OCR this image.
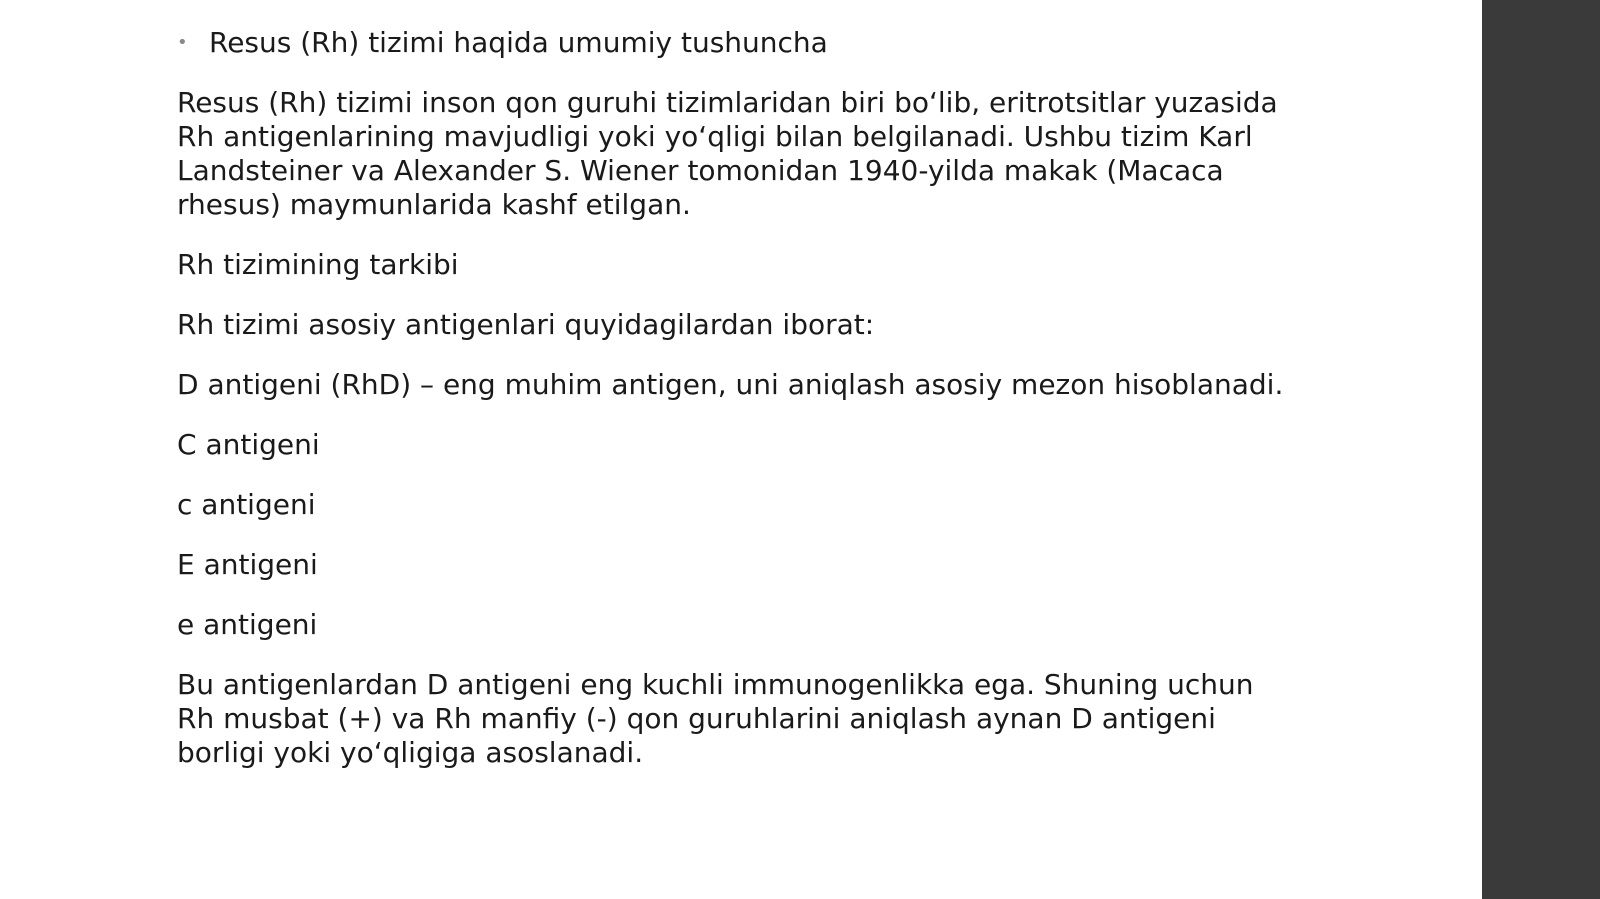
• Resus (Rh) tizimi haqida umumiy tushuncha

Resus (Rh) tizimi inson qon guruhi tizimlaridan biri bo‘lib, eritrotsitlar yuzasida Rh antigenlarining mavjudligi yoki yo‘qligi bilan belgilanadi. Ushbu tizim Karl Landsteiner va Alexander S. Wiener tomonidan 1940-yilda makak (Macaca rhesus) maymunlarida kashf etilgan.

Rh tizimining tarkibi

Rh tizimi asosiy antigenlari quyidagilardan iborat:

D antigeni (RhD) – eng muhim antigen, uni aniqlash asosiy mezon hisoblanadi.

C antigeni

c antigeni

E antigeni

e antigeni

Bu antigenlardan D antigeni eng kuchli immunogenlikka ega. Shuning uchun Rh musbat (+) va Rh manfiy (-) qon guruhlarini aniqlash aynan D antigeni borligi yoki yo‘qligiga asoslanadi.
